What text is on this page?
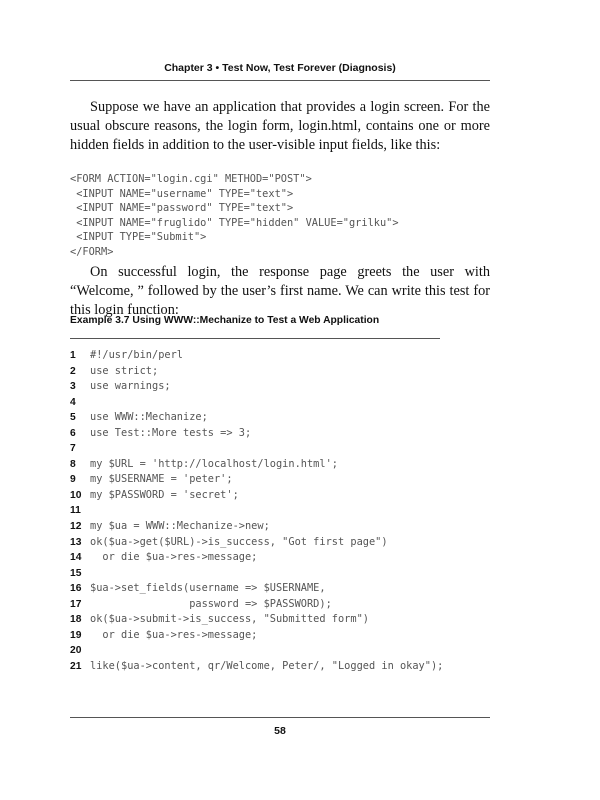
Chapter 3 • Test Now, Test Forever (Diagnosis)

Suppose we have an application that provides a login screen. For the usual obscure reasons, the login form, login.html, contains one or more hidden fields in addition to the user-visible input fields, like this:

<FORM ACTION="login.cgi" METHOD="POST">
<INPUT NAME="username" TYPE="text">
<INPUT NAME="password" TYPE="text">
<INPUT NAME="fruglido" TYPE="hidden" VALUE="grilku">
<INPUT TYPE="Submit">
</FORM>

On successful login, the response page greets the user with “Welcome, ” followed by the user’s first name. We can write this test for this login function:

Example 3.7 Using WWW::Mechanize to Test a Web Application
1	#!/usr/bin/perl
2	use strict;
3	use warnings;
4
5	use WWW::Mechanize;
6	use Test::More tests => 3;
7
8	my $URL = 'http://localhost/login.html';
9	my $USERNAME = 'peter';
10 my $PASSWORD = 'secret';
11
12 my $ua = WWW::Mechanize->new;
13 ok($ua->get($URL)->is_success, "Got first page")
14 or die $ua->res->message;
15
16 $ua->set_fields(username => $USERNAME,
17 password => $PASSWORD);
18 ok($ua->submit->is_success, "Submitted form")
19 or die $ua->res->message;
20
21 like($ua->content, qr/Welcome, Peter/, "Logged in okay");
58
